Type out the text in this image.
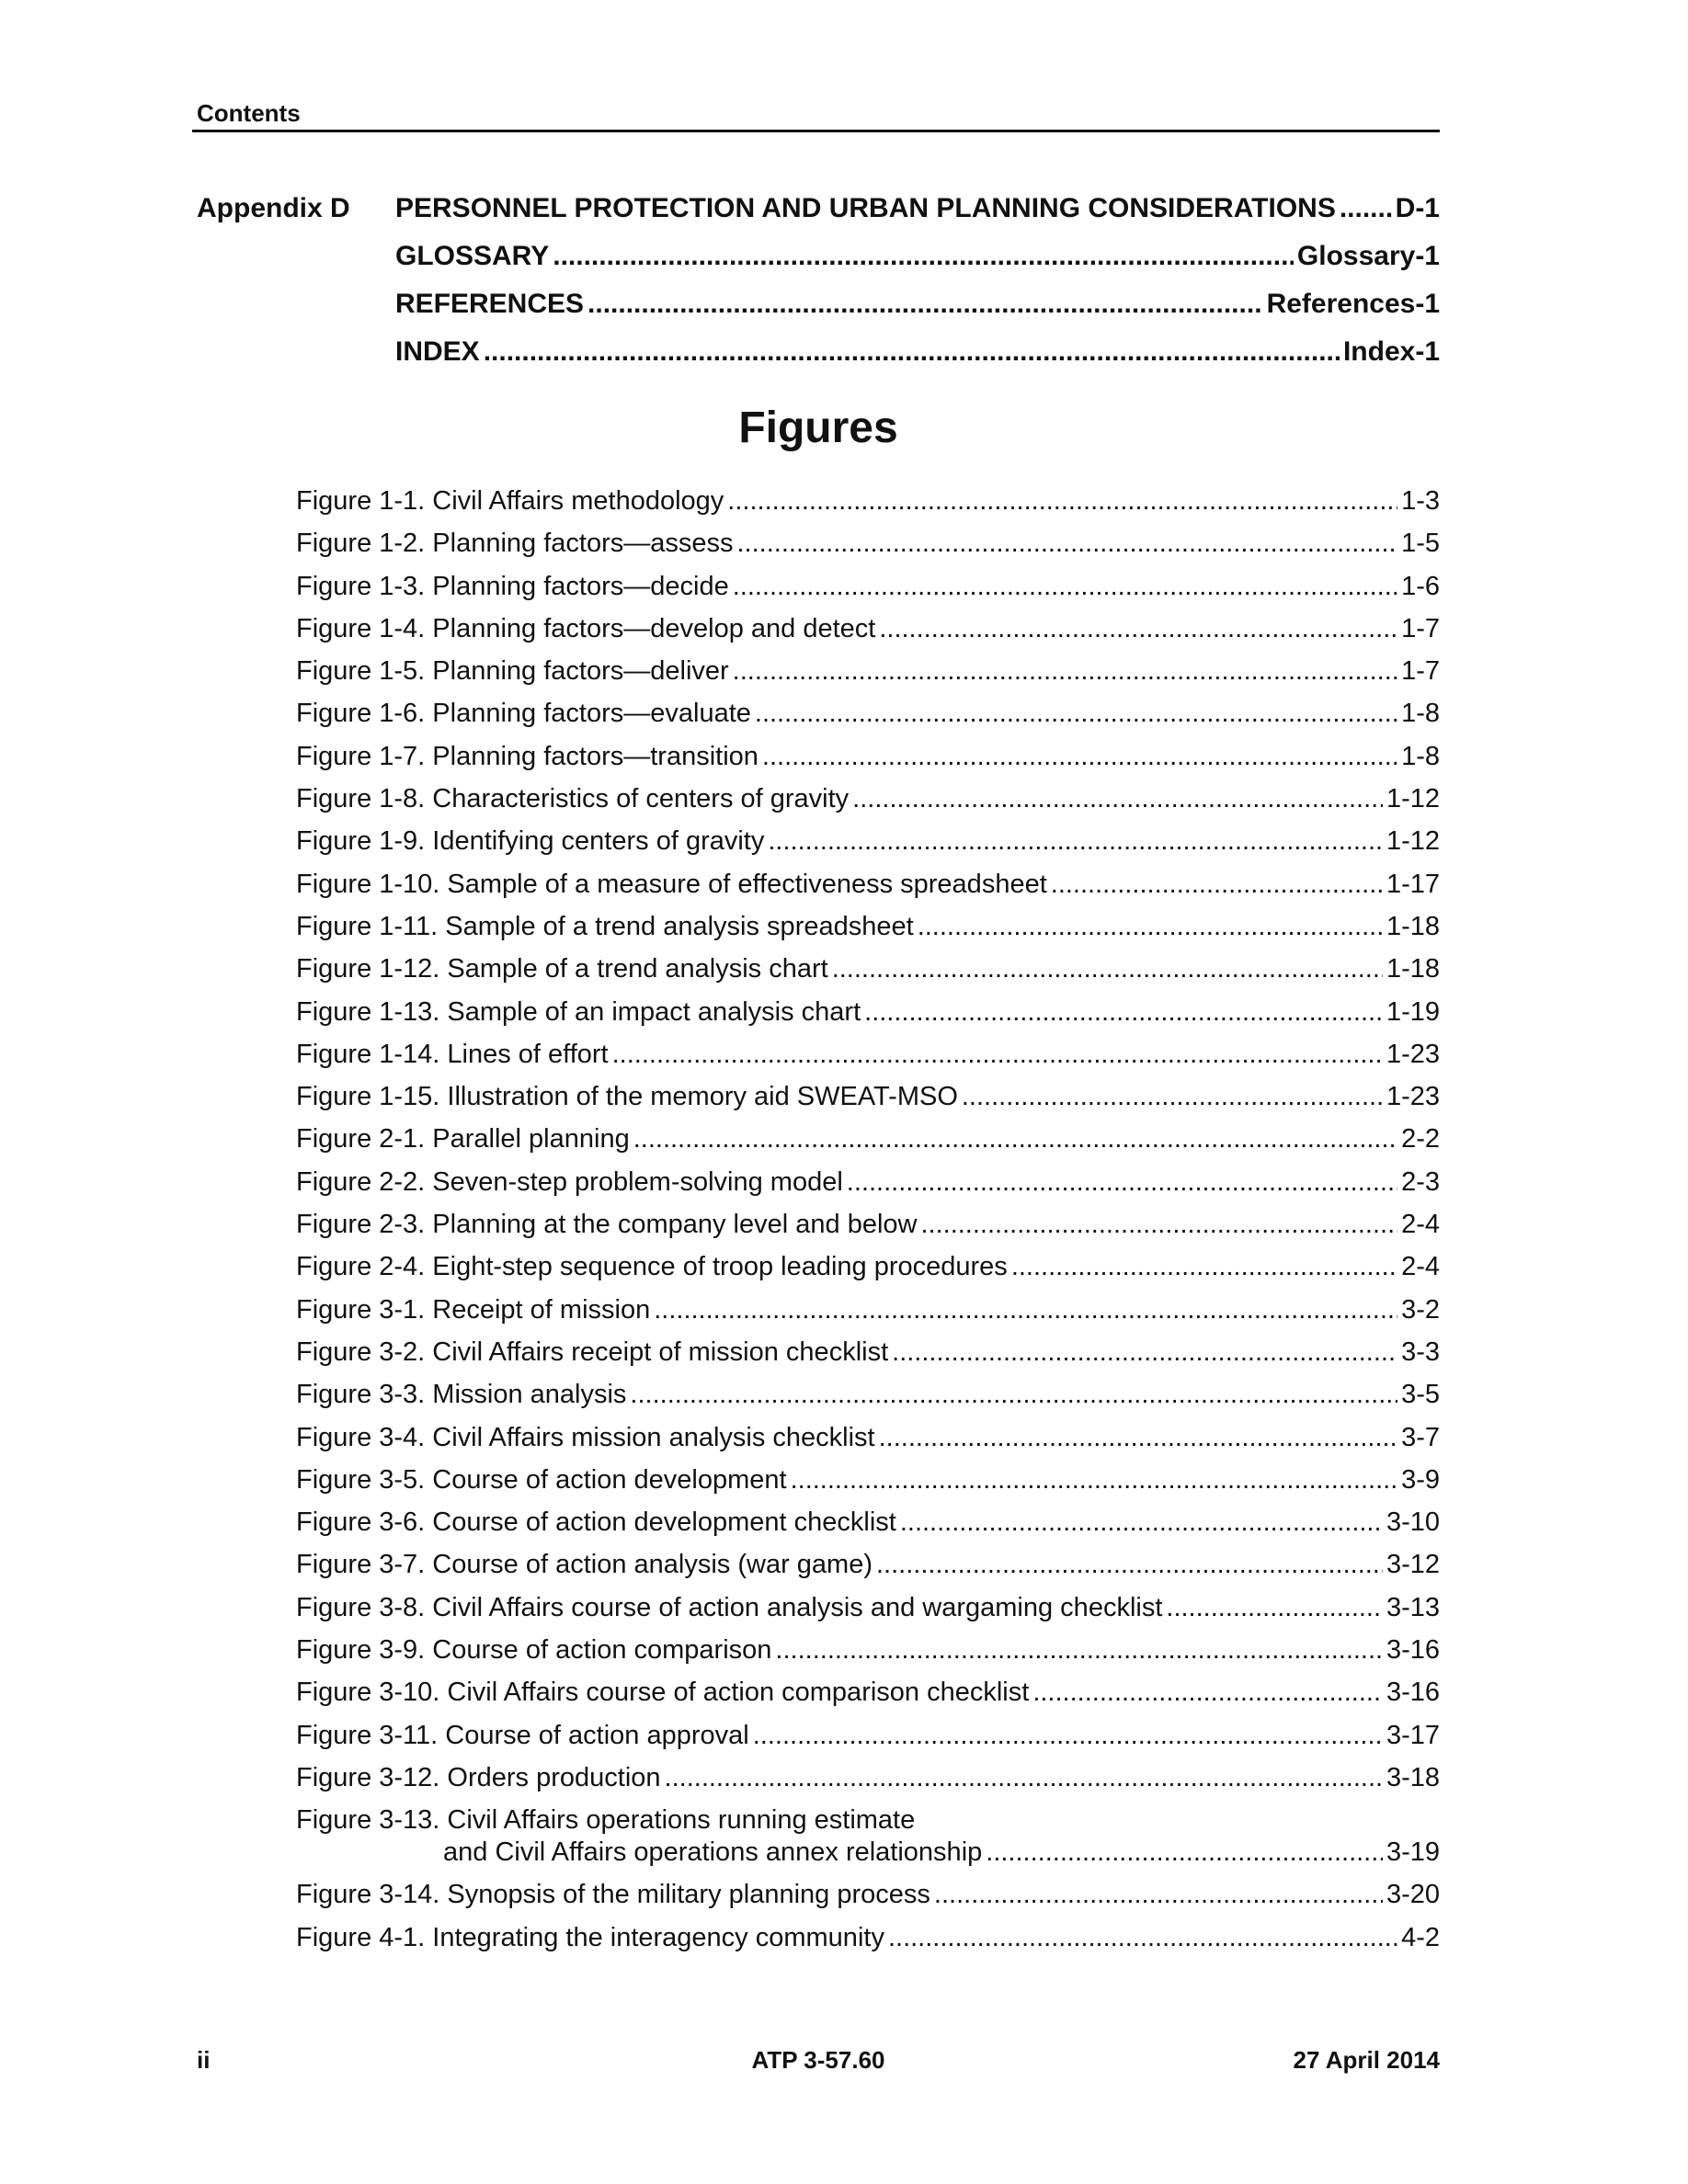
Contents
Appendix D	PERSONNEL PROTECTION AND URBAN PLANNING CONSIDERATIONS ..... D-1
GLOSSARY .....	Glossary-1
REFERENCES .....	References-1
INDEX .....	Index-1
Figures
Figure 1-1. Civil Affairs methodology .....	1-3
Figure 1-2. Planning factors—assess .....	1-5
Figure 1-3. Planning factors—decide .....	1-6
Figure 1-4. Planning factors—develop and detect .....	1-7
Figure 1-5. Planning factors—deliver .....	1-7
Figure 1-6. Planning factors—evaluate .....	1-8
Figure 1-7. Planning factors—transition .....	1-8
Figure 1-8. Characteristics of centers of gravity .....	1-12
Figure 1-9. Identifying centers of gravity .....	1-12
Figure 1-10. Sample of a measure of effectiveness spreadsheet .....	1-17
Figure 1-11. Sample of a trend analysis spreadsheet .....	1-18
Figure 1-12. Sample of a trend analysis chart .....	1-18
Figure 1-13. Sample of an impact analysis chart .....	1-19
Figure 1-14. Lines of effort .....	1-23
Figure 1-15. Illustration of the memory aid SWEAT-MSO .....	1-23
Figure 2-1. Parallel planning .....	2-2
Figure 2-2. Seven-step problem-solving model .....	2-3
Figure 2-3. Planning at the company level and below .....	2-4
Figure 2-4. Eight-step sequence of troop leading procedures .....	2-4
Figure 3-1. Receipt of mission .....	3-2
Figure 3-2. Civil Affairs receipt of mission checklist .....	3-3
Figure 3-3. Mission analysis .....	3-5
Figure 3-4. Civil Affairs mission analysis checklist .....	3-7
Figure 3-5. Course of action development .....	3-9
Figure 3-6. Course of action development checklist .....	3-10
Figure 3-7. Course of action analysis (war game) .....	3-12
Figure 3-8. Civil Affairs course of action analysis and wargaming checklist .....	3-13
Figure 3-9. Course of action comparison .....	3-16
Figure 3-10. Civil Affairs course of action comparison checklist .....	3-16
Figure 3-11. Course of action approval .....	3-17
Figure 3-12. Orders production .....	3-18
Figure 3-13. Civil Affairs operations running estimate
and Civil Affairs operations annex relationship .....	3-19
Figure 3-14. Synopsis of the military planning process .....	3-20
Figure 4-1. Integrating the interagency community .....	4-2
ii	ATP 3-57.60	27 April 2014
